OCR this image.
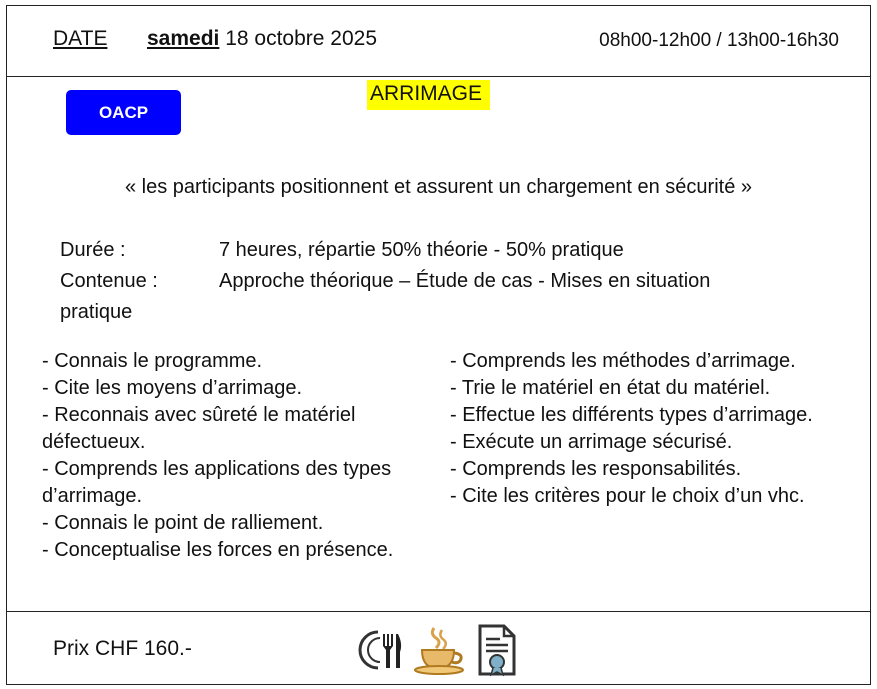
DATE samedi 18 octobre 2025	08h00-12h00 / 13h00-16h30
OACP
ARRIMAGE
« les participants positionnent et assurent un chargement en sécurité »
Durée :	7 heures, répartie 50% théorie - 50% pratique
Contenue :	Approche théorique – Étude de cas - Mises en situation
pratique
- Connais le programme.
- Cite les moyens d’arrimage.
- Reconnais avec sûreté le matériel défectueux.
- Comprends les applications des types d’arrimage.
- Connais le point de ralliement.
- Conceptualise les forces en présence.
- Comprends les méthodes d’arrimage.
- Trie le matériel en état du matériel.
- Effectue les différents types d’arrimage.
- Exécute un arrimage sécurisé.
- Comprends les responsabilités.
- Cite les critères pour le choix d’un vhc.
Prix CHF 160.-
